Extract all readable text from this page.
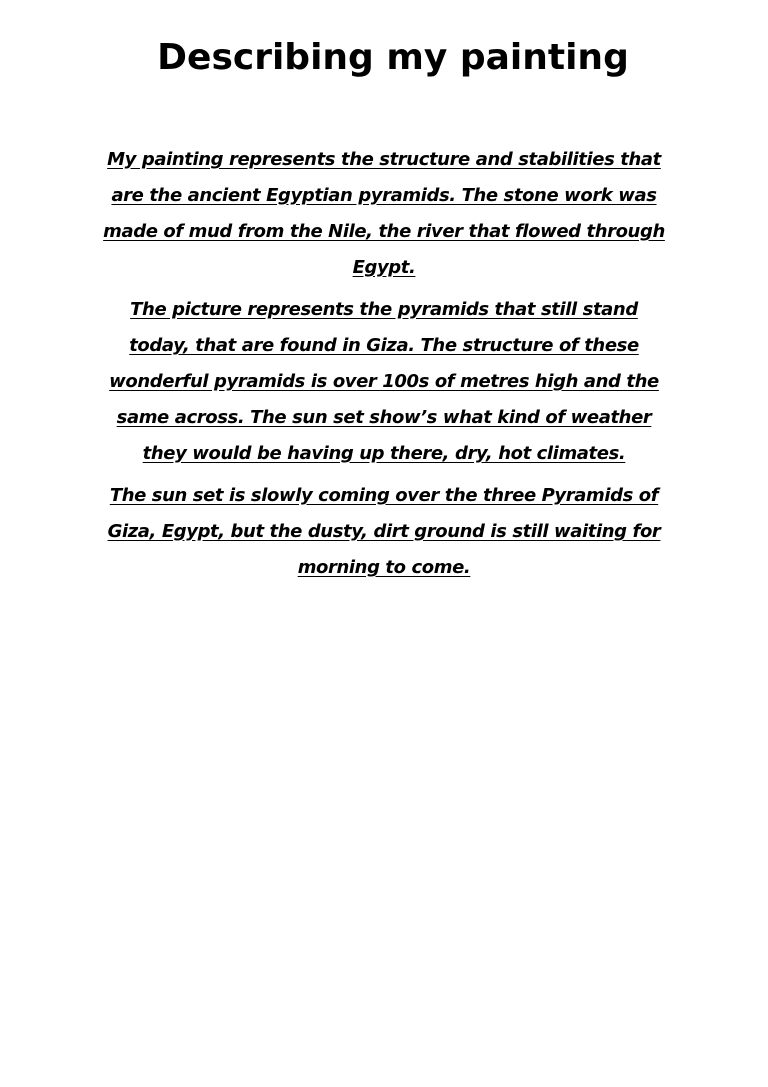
Describing my painting

My painting represents the structure and stabilities that are the ancient Egyptian pyramids. The stone work was made of mud from the Nile, the river that flowed through Egypt.

The picture represents the pyramids that still stand today, that are found in Giza. The structure of these wonderful pyramids is over 100s of metres high and the same across. The sun set show’s what kind of weather they would be having up there, dry, hot climates.

The sun set is slowly coming over the three Pyramids of Giza, Egypt, but the dusty, dirt ground is still waiting for morning to come.
